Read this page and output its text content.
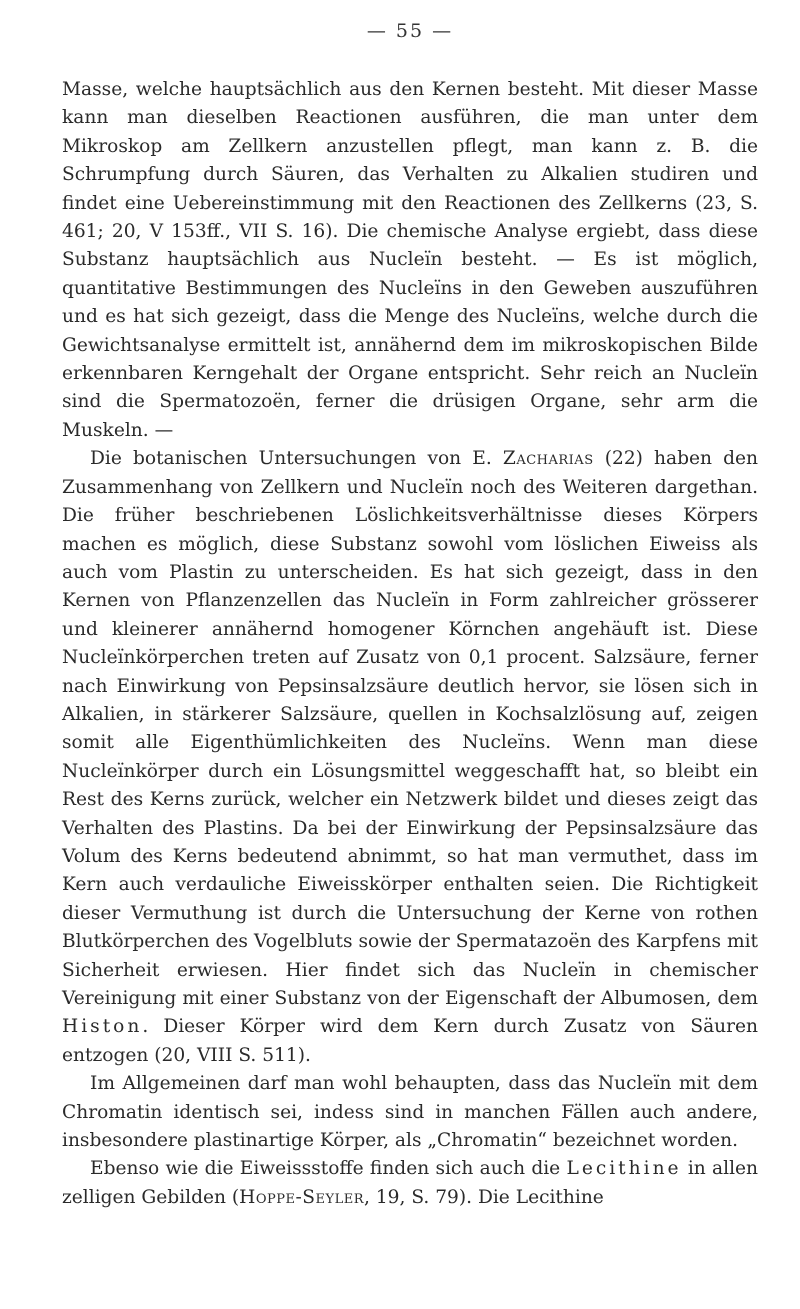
— 55 —

Masse, welche hauptsächlich aus den Kernen besteht. Mit dieser Masse kann man dieselben Reactionen ausführen, die man unter dem Mikroskop am Zellkern anzustellen pflegt, man kann z. B. die Schrumpfung durch Säuren, das Verhalten zu Alkalien studiren und findet eine Uebereinstimmung mit den Reactionen des Zellkerns (23, S. 461; 20, V 153ff., VII S. 16). Die chemische Analyse ergiebt, dass diese Substanz hauptsächlich aus Nucleïn besteht. — Es ist möglich, quantitative Bestimmungen des Nucleïns in den Geweben auszuführen und es hat sich gezeigt, dass die Menge des Nucleïns, welche durch die Gewichtsanalyse ermittelt ist, annähernd dem im mikroskopischen Bilde erkennbaren Kerngehalt der Organe entspricht. Sehr reich an Nucleïn sind die Spermatozoën, ferner die drüsigen Organe, sehr arm die Muskeln. —

Die botanischen Untersuchungen von E. Zacharias (22) haben den Zusammenhang von Zellkern und Nucleïn noch des Weiteren dargethan. Die früher beschriebenen Löslichkeitsverhältnisse dieses Körpers machen es möglich, diese Substanz sowohl vom löslichen Eiweiss als auch vom Plastin zu unterscheiden. Es hat sich gezeigt, dass in den Kernen von Pflanzenzellen das Nucleïn in Form zahlreicher grösserer und kleinerer annähernd homogener Körnchen angehäuft ist. Diese Nucleïnkörperchen treten auf Zusatz von 0,1 procent. Salzsäure, ferner nach Einwirkung von Pepsinsalzsäure deutlich hervor, sie lösen sich in Alkalien, in stärkerer Salzsäure, quellen in Kochsalzlösung auf, zeigen somit alle Eigenthümlichkeiten des Nucleïns. Wenn man diese Nucleïnkörper durch ein Lösungsmittel weggeschafft hat, so bleibt ein Rest des Kerns zurück, welcher ein Netzwerk bildet und dieses zeigt das Verhalten des Plastins. Da bei der Einwirkung der Pepsinsalzsäure das Volum des Kerns bedeutend abnimmt, so hat man vermuthet, dass im Kern auch verdauliche Eiweisskörper enthalten seien. Die Richtigkeit dieser Vermuthung ist durch die Untersuchung der Kerne von rothen Blutkörperchen des Vogelbluts sowie der Spermatazoën des Karpfens mit Sicherheit erwiesen. Hier findet sich das Nucleïn in chemischer Vereinigung mit einer Substanz von der Eigenschaft der Albumosen, dem Histon. Dieser Körper wird dem Kern durch Zusatz von Säuren entzogen (20, VIII S. 511).

Im Allgemeinen darf man wohl behaupten, dass das Nucleïn mit dem Chromatin identisch sei, indess sind in manchen Fällen auch andere, insbesondere plastinartige Körper, als „Chromatin“ bezeichnet worden.

Ebenso wie die Eiweissstoffe finden sich auch die Lecithine in allen zelligen Gebilden (Hoppe-Seyler, 19, S. 79). Die Lecithine
